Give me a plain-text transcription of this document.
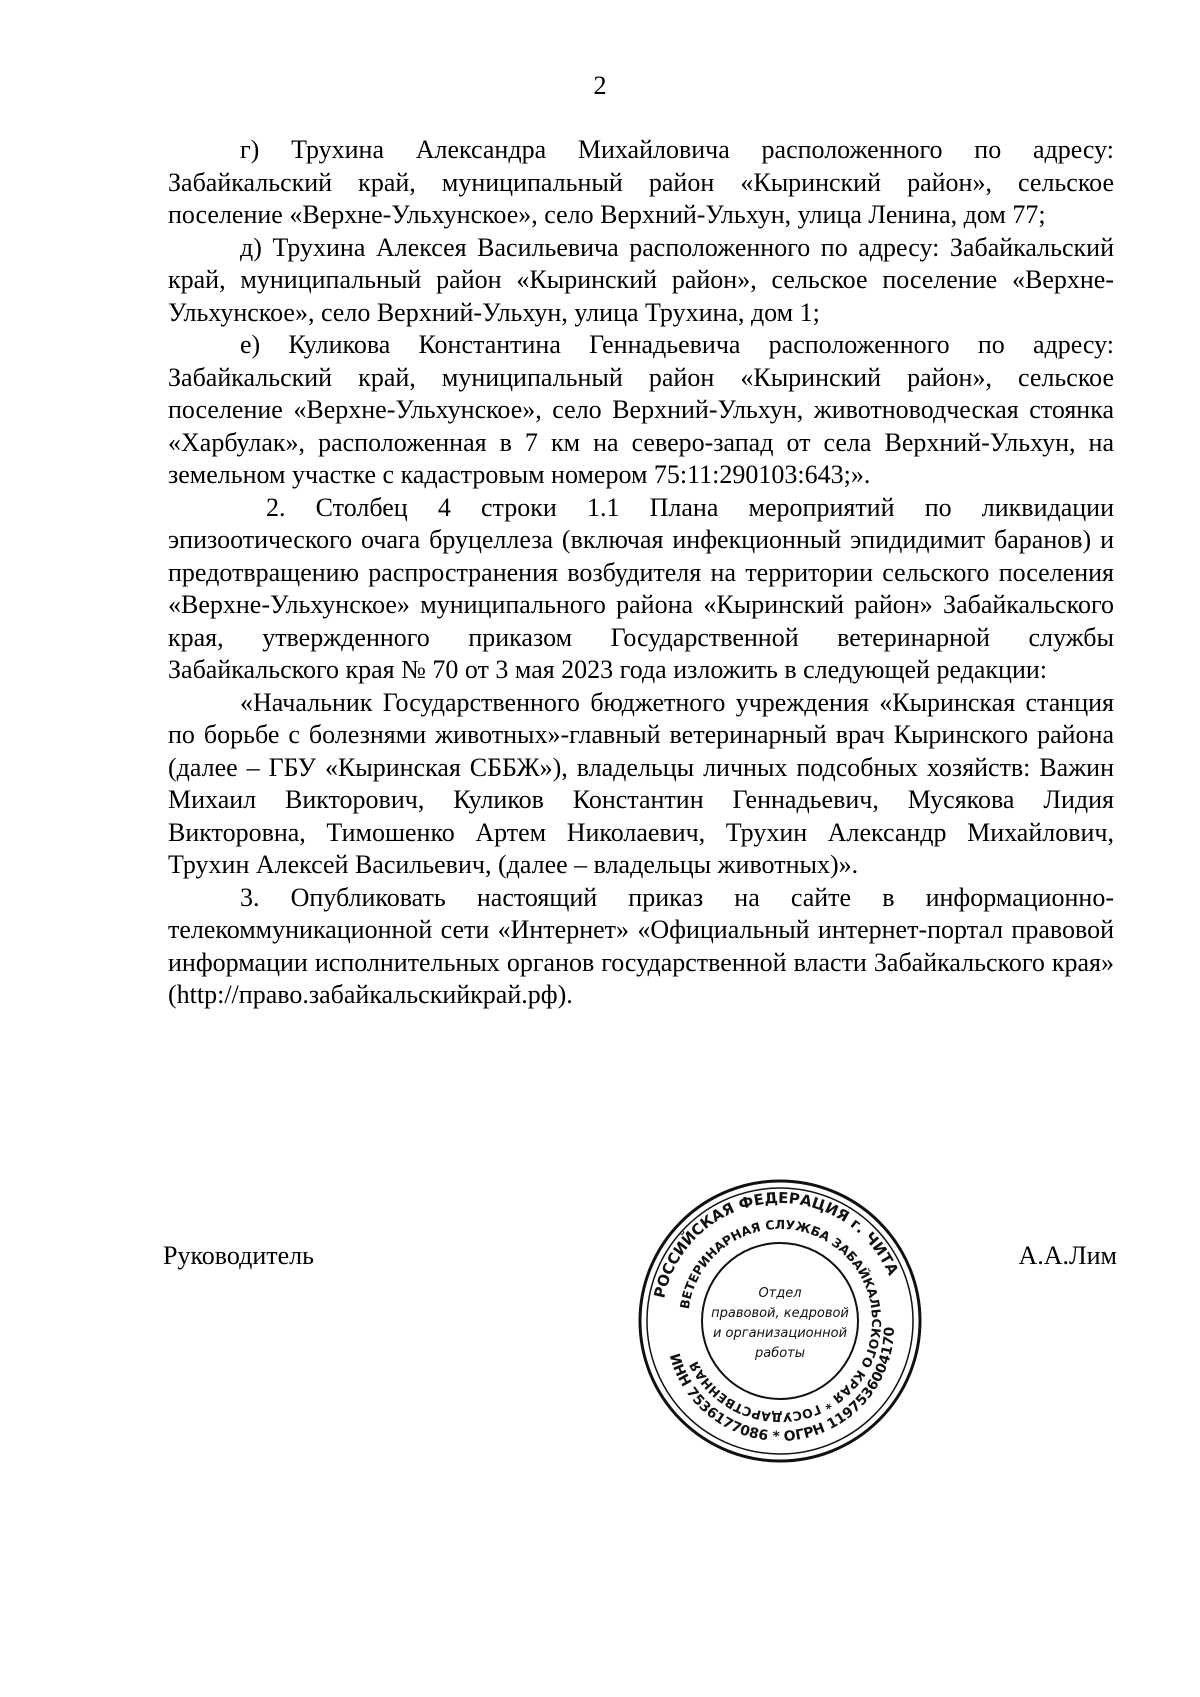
2

г) Трухина Александра Михайловича расположенного по адресу: Забайкальский край, муниципальный район «Кыринский район», сельское поселение «Верхне-Ульхунское», село Верхний-Ульхун, улица Ленина, дом 77;

д) Трухина Алексея Васильевича расположенного по адресу: Забайкальский край, муниципальный район «Кыринский район», сельское поселение «Верхне-Ульхунское», село Верхний-Ульхун, улица Трухина, дом 1;

е) Куликова Константина Геннадьевича расположенного по адресу: Забайкальский край, муниципальный район «Кыринский район», сельское поселение «Верхне-Ульхунское», село Верхний-Ульхун, животноводческая стоянка «Харбулак», расположенная в 7 км на северо-запад от села Верхний-Ульхун, на земельном участке с кадастровым номером 75:11:290103:643;».

2. Столбец 4 строки 1.1 Плана мероприятий по ликвидации эпизоотического очага бруцеллеза (включая инфекционный эпидидимит баранов) и предотвращению распространения возбудителя на территории сельского поселения «Верхне-Ульхунское» муниципального района «Кыринский район» Забайкальского края, утвержденного приказом Государственной ветеринарной службы Забайкальского края № 70 от 3 мая 2023 года изложить в следующей редакции:

«Начальник Государственного бюджетного учреждения «Кыринская станция по борьбе с болезнями животных»-главный ветеринарный врач Кыринского района (далее – ГБУ «Кыринская СББЖ»), владельцы личных подсобных хозяйств: Важин Михаил Викторович, Куликов Константин Геннадьевич, Мусякова Лидия Викторовна, Тимошенко Артем Николаевич, Трухин Александр Михайлович, Трухин Алексей Васильевич, (далее – владельцы животных)».

3. Опубликовать настоящий приказ на сайте в информационно-телекоммуникационной сети «Интернет» «Официальный интернет-портал правовой информации исполнительных органов государственной власти Забайкальского края» (http://право.забайкальскийкрай.рф).

Руководитель	А.А.Лим
РОССИЙСКАЯ ФЕДЕРАЦИЯ г. ЧИТА
ВЕТЕРИНАРНАЯ СЛУЖБА ЗАБАЙКАЛЬСКОГО КРАЯ * ГОСУДАРСТВЕННАЯ
ИНН 7536177086 * ОГРН 1197536004170
Отдел
правовой, кедровой
и организационной
работы
